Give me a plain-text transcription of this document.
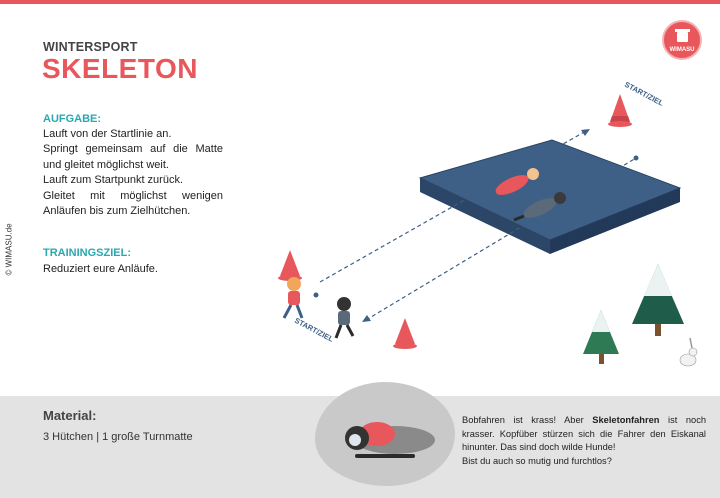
© WIMASU.de
WINTERSPORT
SKELETON
WIMASU
AUFGABE:
Lauft von der Startlinie an.
Springt gemeinsam auf die Matte
und gleitet möglichst weit.
Lauft zum Startpunkt zurück.
Gleitet mit möglichst wenigen
Anläufen bis zum Zielhütchen.
TRAININGSZIEL:
Reduziert eure Anläufe.
START/ZIEL
START/ZIEL
Material:
3 Hütchen | 1 große Turnmatte
Bobfahren ist krass! Aber Skeletonfahren ist noch
krasser. Kopfüber stürzen sich die Fahrer den Eiskanal
hinunter. Das sind doch wilde Hunde!
Bist du auch so mutig und furchtlos?
